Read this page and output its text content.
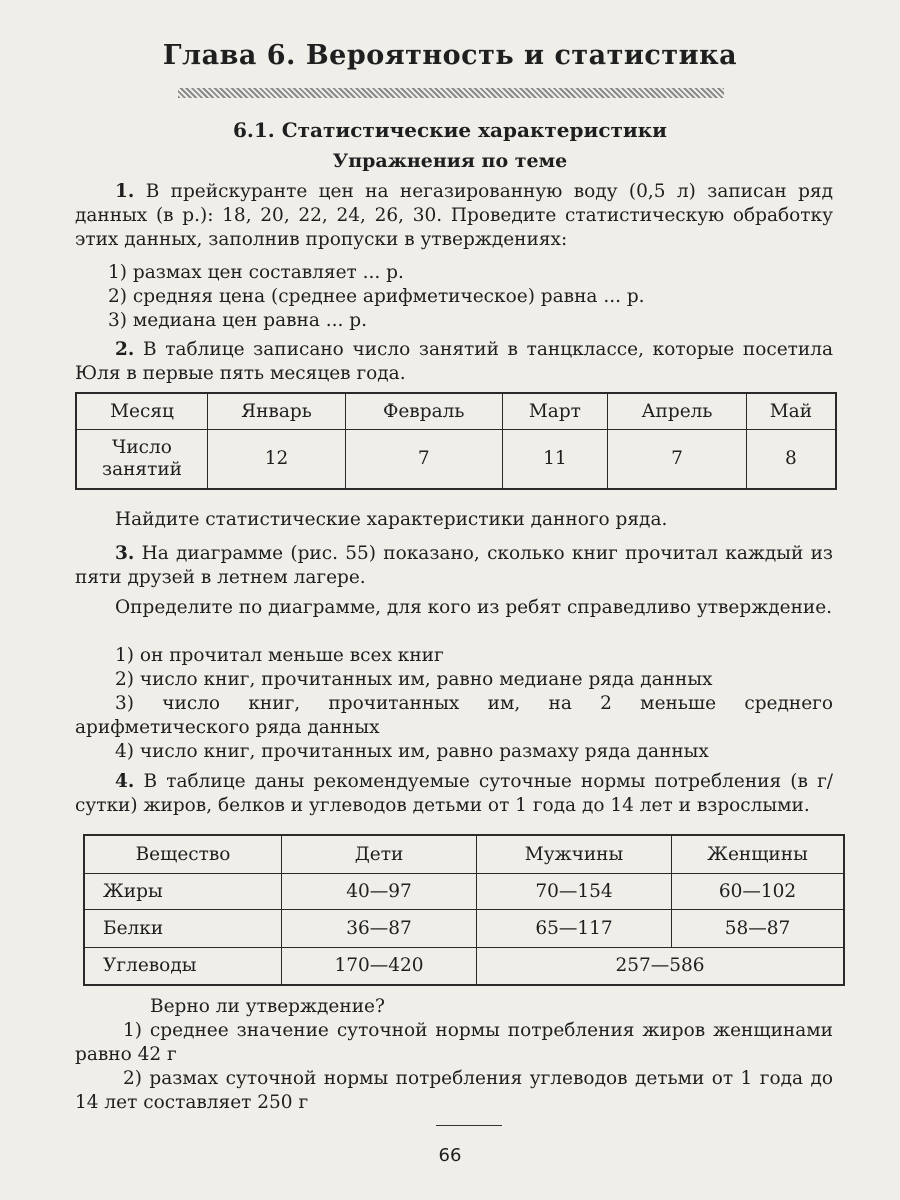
Глава 6. Вероятность и статистика
6.1. Статистические характеристики
Упражнения по теме
1. В прейскуранте цен на негазированную воду (0,5 л) записан ряд данных (в р.): 18, 20, 22, 24, 26, 30. Проведите статистическую обработку этих данных, заполнив пропуски в утверждениях:
1) размах цен составляет ... р.
2) средняя цена (среднее арифметическое) равна ... р.
3) медиана цен равна ... р.
2. В таблице записано число занятий в танцклассе, которые посетила Юля в первые пять месяцев года.
Месяц	Январь	Февраль	Март	Апрель	Май
Число
занятий	12	7	11	7	8
Найдите статистические характеристики данного ряда.
3. На диаграмме (рис. 55) показано, сколько книг прочитал каждый из пяти друзей в летнем лагере.
Определите по диаграмме, для кого из ребят справедливо утверждение.
1) он прочитал меньше всех книг
2) число книг, прочитанных им, равно медиане ряда данных
3) число книг, прочитанных им, на 2 меньше среднего арифметического ряда данных
4) число книг, прочитанных им, равно размаху ряда данных
4. В таблице даны рекомендуемые суточные нормы потребления (в г/сутки) жиров, белков и углеводов детьми от 1 года до 14 лет и взрослыми.
Вещество	Дети	Мужчины	Женщины
Жиры	40—97	70—154	60—102
Белки	36—87	65—117	58—87
Углеводы	170—420	257—586	
Верно ли утверждение?
1) среднее значение суточной нормы потребления жиров женщинами равно 42 г
2) размах суточной нормы потребления углеводов детьми от 1 года до 14 лет составляет 250 г
66
